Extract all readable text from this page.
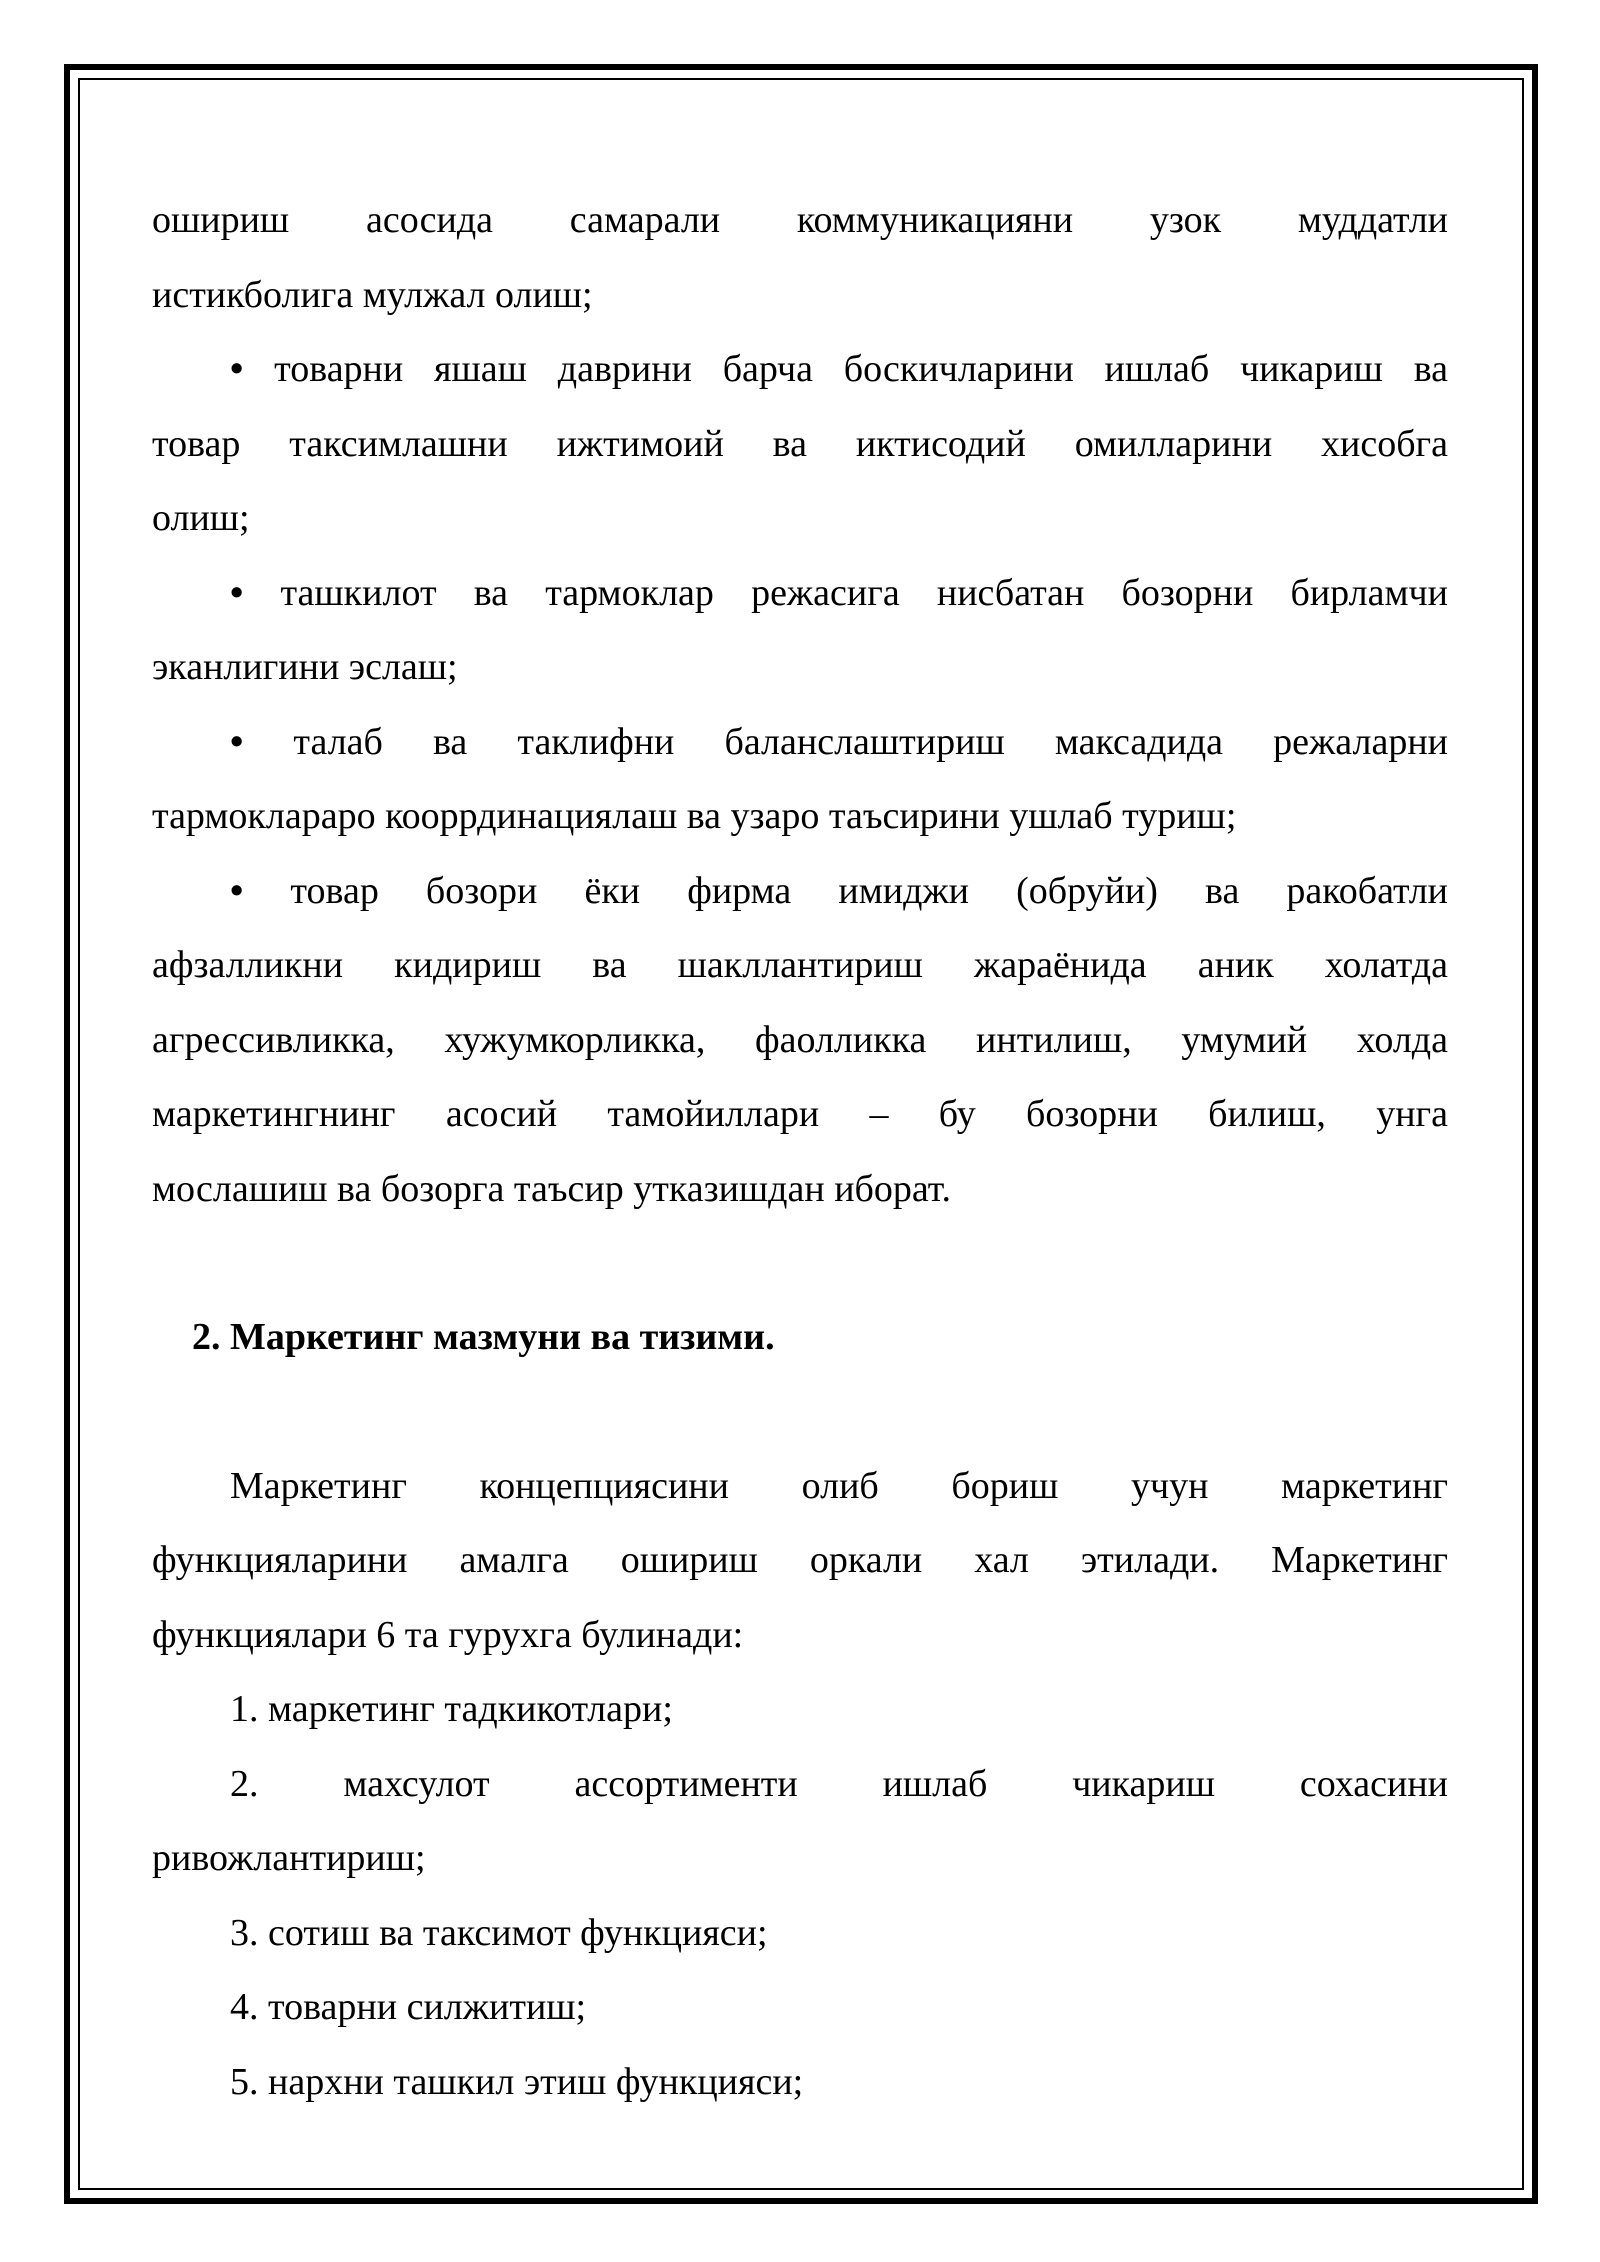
ошириш асосида самарали коммуникацияни узок муддатли
истикболига мулжал олиш;

• товарни яшаш даврини барча боскичларини ишлаб чикариш ва
товар таксимлашни ижтимоий ва иктисодий омилларини хисобга
олиш;

• ташкилот ва тармоклар режасига нисбатан бозорни бирламчи
эканлигини эслаш;

• талаб ва таклифни баланслаштириш максадида режаларни
тармоклараро кооррдинациялаш ва узаро таъсирини ушлаб туриш;

• товар бозори ёки фирма имиджи (обруйи) ва ракобатли
афзалликни кидириш ва шакллантириш жараёнида аник холатда
агрессивликка, хужумкорликка, фаолликка интилиш, умумий холда
маркетингнинг асосий тамойиллари – бу бозорни билиш, унга
мослашиш ва бозорга таъсир утказишдан иборат.

2. Маркетинг мазмуни ва тизими.

Маркетинг концепциясини олиб бориш учун маркетинг
функцияларини амалга ошириш оркали хал этилади. Маркетинг
функциялари 6 та гурухга булинади:

1. маркетинг тадкикотлари;

2. махсулот ассортименти ишлаб чикариш сохасини
ривожлантириш;

3. сотиш ва таксимот функцияси;

4. товарни силжитиш;

5. нархни ташкил этиш функцияси;
